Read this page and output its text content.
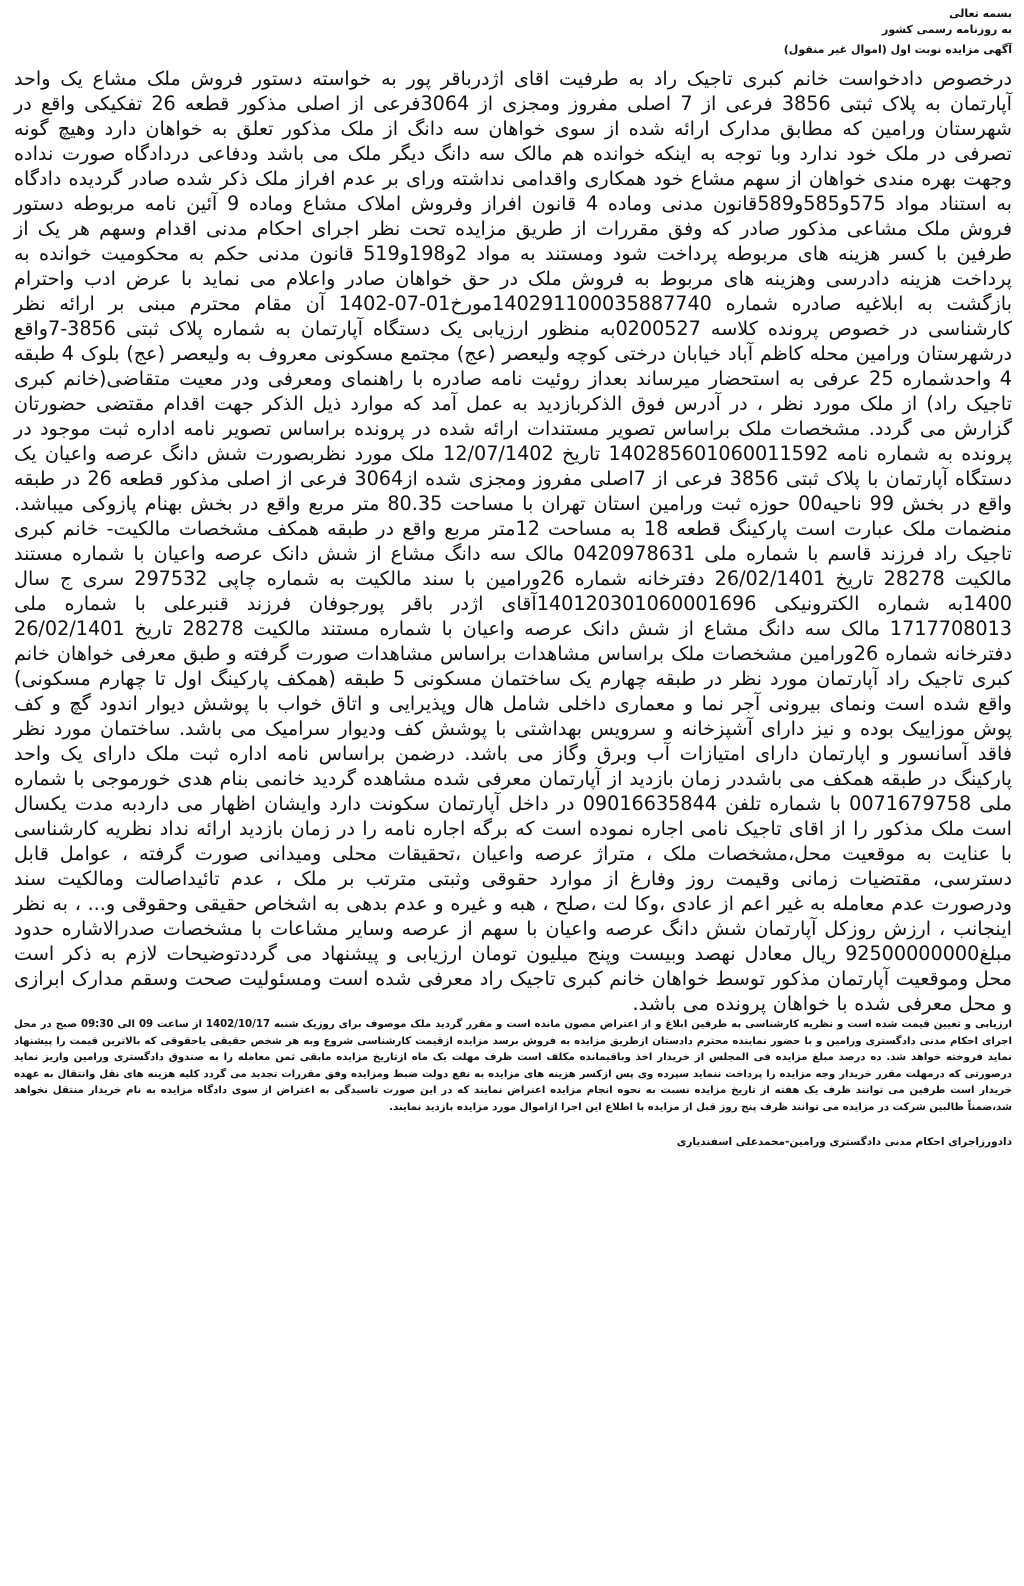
بسمه تعالی
به روزنامه رسمی کشور
آگهی مزایده نوبت اول (اموال غیر منقول)
درخصوص دادخواست خانم کبری تاجیک راد به طرفیت اقای اژدرباقر پور به خواسته دستور فروش ملک مشاع یک واحد آپارتمان به پلاک ثبتی 3856 فرعی از 7 اصلی مفروز ومجزی از 3064فرعی از اصلی مذکور قطعه 26 تفکیکی واقع در شهرستان ورامین که مطابق مدارک ارائه شده از سوی خواهان سه دانگ از ملک مذکور تعلق به خواهان دارد وهیچ گونه تصرفی در ملک خود ندارد وبا توجه به اینکه خوانده هم مالک سه دانگ دیگر ملک می باشد ودفاعی دردادگاه صورت نداده وجهت بهره مندی خواهان از سهم مشاع خود همکاری واقدامی نداشته ورای بر عدم افراز ملک ذکر شده صادر گردیده دادگاه به استناد مواد 575و585و589قانون مدنی وماده 4 قانون افراز وفروش املاک مشاع وماده 9 آئین نامه مربوطه دستور فروش ملک مشاعی مذکور صادر که وفق مقررات از طریق مزایده تحت نظر اجرای احکام مدنی اقدام وسهم هر یک از طرفین با کسر هزینه های مربوطه پرداخت شود ومستند به مواد 2و198و519 قانون مدنی حکم به محکومیت خوانده به پرداخت هزینه دادرسی وهزینه های مربوط به فروش ملک در حق خواهان صادر واعلام می نماید با عرض ادب واحترام بازگشت به ابلاغیه صادره شماره 140291100035887740مورخ01-07-1402 آن مقام محترم مبنی بر ارائه نظر کارشناسی در خصوص پرونده کلاسه 0200527به منظور ارزیابی یک دستگاه آپارتمان به شماره پلاک ثبتی 3856-7واقع درشهرستان ورامین محله کاظم آباد خیابان درختی کوچه ولیعصر (عج) مجتمع مسکونی معروف به ولیعصر (عج) بلوک 4 طبقه 4 واحدشماره 25 عرفی به استحضار میرساند بعداز روئیت نامه صادره با راهنمای ومعرفی ودر معیت متقاضی(خانم کبری تاجیک راد) از ملک مورد نظر ، در آدرس فوق الذکربازدید به عمل آمد که موارد ذیل الذکر جهت اقدام مقتضی حضورتان گزارش می گردد. مشخصات ملک براساس تصویر مستندات ارائه شده در پرونده براساس تصویر نامه اداره ثبت موجود در پرونده به شماره نامه 140285601060011592 تاریخ 12/07/1402 ملک مورد نظربصورت شش دانگ عرصه واعیان یک دستگاه آپارتمان با پلاک ثبتی 3856 فرعی از 7اصلی مفروز ومجزی شده از3064 فرعی از اصلی مذکور قطعه 26 در طبقه واقع در بخش 99 ناحیه00 حوزه ثبت ورامین استان تهران با مساحت 80.35 متر مربع واقع در بخش بهنام پازوکی میباشد. منضمات ملک عبارت است پارکینگ قطعه 18 به مساحت 12متر مربع واقع در طبقه همکف مشخصات مالکیت- خانم کبری تاجیک راد فرزند قاسم با شماره ملی 0420978631 مالک سه دانگ مشاع از شش دانک عرصه واعیان با شماره مستند مالکیت 28278 تاریخ 26/02/1401 دفترخانه شماره 26ورامین با سند مالکیت به شماره چاپی 297532 سری ج سال 1400به شماره الکترونیکی 140120301060001696آقای اژدر باقر پورجوفان فرزند قنبرعلی با شماره ملی 1717708013 مالک سه دانگ مشاع از شش دانک عرصه واعیان با شماره مستند مالکیت 28278 تاریخ 26/02/1401 دفترخانه شماره 26ورامین مشخصات ملک براساس مشاهدات براساس مشاهدات صورت گرفته و طبق معرفی خواهان خانم کبری تاجیک راد آپارتمان مورد نظر در طبقه چهارم یک ساختمان مسکونی 5 طبقه (همکف پارکینگ اول تا چهارم مسکونی) واقع شده است ونمای بیرونی آجر نما و معماری داخلی شامل هال وپذیرایی و اتاق خواب با پوشش دیوار اندود گچ و کف پوش موزاییک بوده و نیز دارای آشپزخانه و سرویس بهداشتی با پوشش کف ودیوار سرامیک می باشد. ساختمان مورد نظر فاقد آسانسور و اپارتمان دارای امتیازات آب وبرق وگاز می باشد. درضمن براساس نامه اداره ثبت ملک دارای یک واحد پارکینگ در طبقه همکف می باشددر زمان بازدید از آپارتمان معرفی شده مشاهده گردید خانمی بنام هدی خورموجی با شماره ملی 0071679758 با شماره تلفن 09016635844 در داخل آپارتمان سکونت دارد وایشان اظهار می داردبه مدت یکسال است ملک مذکور را از اقای تاجیک نامی اجاره نموده است که برگه اجاره نامه را در زمان بازدید ارائه نداد نظریه کارشناسی با عنایت به موقعیت محل،مشخصات ملک ، متراژ عرصه واعیان ،تحقیقات محلی ومیدانی صورت گرفته ، عوامل قابل دسترسی، مقتضیات زمانی وقیمت روز وفارغ از موارد حقوقی وثبتی مترتب بر ملک ، عدم تائیداصالت ومالکیت سند ودرصورت عدم معامله به غیر اعم از عادی ،وکا لت ،صلح ، هبه و غیره و عدم بدهی به اشخاص حقیقی وحقوقی و... ، به نظر اینجانب ، ارزش روزکل آپارتمان شش دانگ عرصه واعیان با سهم از عرصه وسایر مشاعات با مشخصات صدرالاشاره حدود مبلغ92500000000 ریال معادل نهصد وبیست وپنج میلیون تومان ارزیابی و پیشنهاد می گرددتوضیحات لازم به ذکر است محل وموقعیت آپارتمان مذکور توسط خواهان خانم کبری تاجیک راد معرفی شده است ومسئولیت صحت وسقم مدارک ابرازی و محل معرفی شده با خواهان پرونده می باشد.
ارزیابی و تعیین قیمت شده است و نظریه کارشناسی به طرفین ابلاغ و از اعتراض مصون مانده است و مقرر گردید ملک موصوف برای روزیک شنبه 1402/10/17 از ساعت 09 الی 09:30 صبح در محل اجرای احکام مدنی دادگستری ورامین و با حضور نماینده محترم دادستان ازطریق مزایده به فروش برسد مزایده ازقیمت کارشناسی شروع وبه هر شخص حقیقی یاحقوقی که بالاترین قیمت را پیشنهاد نماید فروخته خواهد شد. ده درصد مبلغ مزایده فی المجلس از خریدار اخذ وباقیمانده مکلف است ظرف مهلت یک ماه ازتاریخ مزایده مابقی ثمن معامله را به صندوق دادگستری ورامین واریز نماید درصورتی که درمهلت مقرر خریدار وجه مزایده را پرداخت ننماید سپرده وی پس ازکسر هزینه های مزایده به نفع دولت ضبط ومزایده وفق مقررات تجدید می گردد کلیه هزینه های نقل وانتقال به عهده خریدار است طرفین می توانند ظرف یک هفته از تاریخ مزایده نسبت به نحوه انجام مزایده اعتراض نمایند که در این صورت تاسیدگی به اعتراض از سوی دادگاه مزایده به نام خریدار منتقل نخواهد شد،ضمناً طالبین شرکت در مزایده می توانند ظرف پنج روز قبل از مزایده با اطلاع این اجرا ازاموال مورد مزایده بازدید نمایند.
دادورزاجرای احکام مدنی دادگستری ورامین-محمدعلی اسفندیاری
